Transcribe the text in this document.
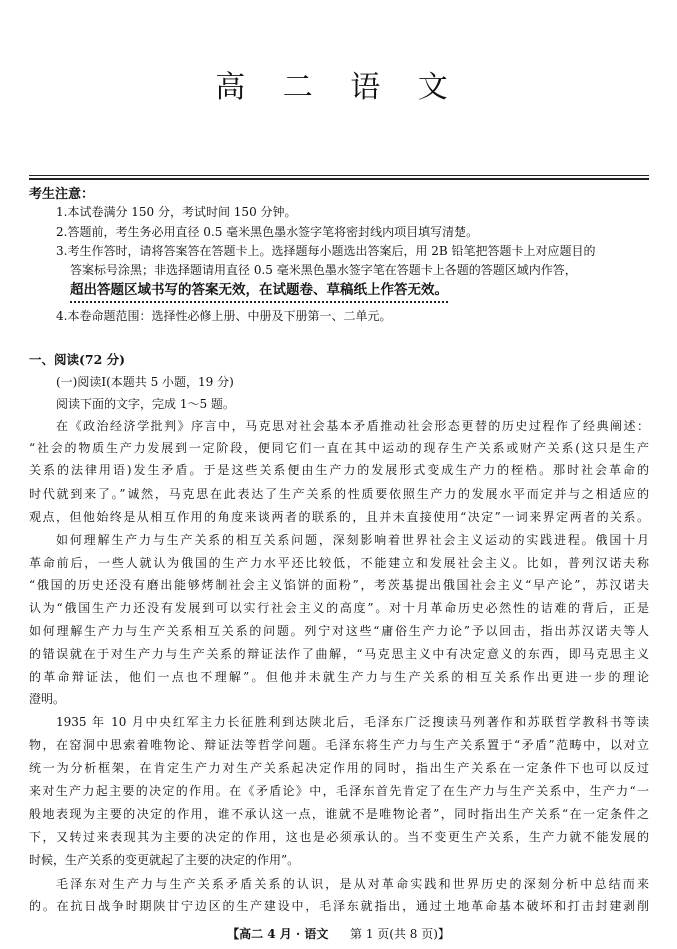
高 二 语 文
考生注意：
1.本试卷满分 150 分，考试时间 150 分钟。
2.答题前，考生务必用直径 0.5 毫米黑色墨水签字笔将密封线内项目填写清楚。
3.考生作答时，请将答案答在答题卡上。选择题每小题选出答案后，用 2B 铅笔把答题卡上对应题目的
答案标号涂黑；非选择题请用直径 0.5 毫米黑色墨水签字笔在答题卡上各题的答题区域内作答，
超出答题区域书写的答案无效，在试题卷、草稿纸上作答无效。
4.本卷命题范围：选择性必修上册、中册及下册第一、二单元。
一、阅读(72 分)
(一)阅读Ⅰ(本题共 5 小题，19 分)
阅读下面的文字，完成 1～5 题。
在《政治经济学批判》序言中，马克思对社会基本矛盾推动社会形态更替的历史过程作了经典阐述：
“社会的物质生产力发展到一定阶段，便同它们一直在其中运动的现存生产关系或财产关系(这只是生产
关系的法律用语)发生矛盾。于是这些关系便由生产力的发展形式变成生产力的桎梏。那时社会革命的
时代就到来了。”诚然，马克思在此表达了生产关系的性质要依照生产力的发展水平而定并与之相适应的
观点，但他始终是从相互作用的角度来谈两者的联系的，且并未直接使用“决定”一词来界定两者的关系。
如何理解生产力与生产关系的相互关系问题，深刻影响着世界社会主义运动的实践进程。俄国十月
革命前后，一些人就认为俄国的生产力水平还比较低，不能建立和发展社会主义。比如，普列汉诺夫称
“俄国的历史还没有磨出能够烤制社会主义馅饼的面粉”，考茨基提出俄国社会主义“早产论”，苏汉诺夫
认为“俄国生产力还没有发展到可以实行社会主义的高度”。对十月革命历史必然性的诘难的背后，正是
如何理解生产力与生产关系相互关系的问题。列宁对这些“庸俗生产力论”予以回击，指出苏汉诺夫等人
的错误就在于对生产力与生产关系的辩证法作了曲解，“马克思主义中有决定意义的东西，即马克思主义
的革命辩证法，他们一点也不理解”。但他并未就生产力与生产关系的相互关系作出更进一步的理论
澄明。
1935 年 10 月中央红军主力长征胜利到达陕北后，毛泽东广泛搜读马列著作和苏联哲学教科书等读
物，在窑洞中思索着唯物论、辩证法等哲学问题。毛泽东将生产力与生产关系置于“矛盾”范畴中，以对立
统一为分析框架，在肯定生产力对生产关系起决定作用的同时，指出生产关系在一定条件下也可以反过
来对生产力起主要的决定的作用。在《矛盾论》中，毛泽东首先肯定了在生产力与生产关系中，生产力“一
般地表现为主要的决定的作用，谁不承认这一点，谁就不是唯物论者”，同时指出生产关系“在一定条件之
下，又转过来表现其为主要的决定的作用，这也是必须承认的。当不变更生产关系，生产力就不能发展的
时候，生产关系的变更就起了主要的决定的作用”。
毛泽东对生产力与生产关系矛盾关系的认识，是从对革命实践和世界历史的深刻分析中总结而来
的。在抗日战争时期陕甘宁边区的生产建设中，毛泽东就指出，通过土地革命基本破坏和打击封建剥削
【高二 4 月 · 语文 第 1 页(共 8 页)】
